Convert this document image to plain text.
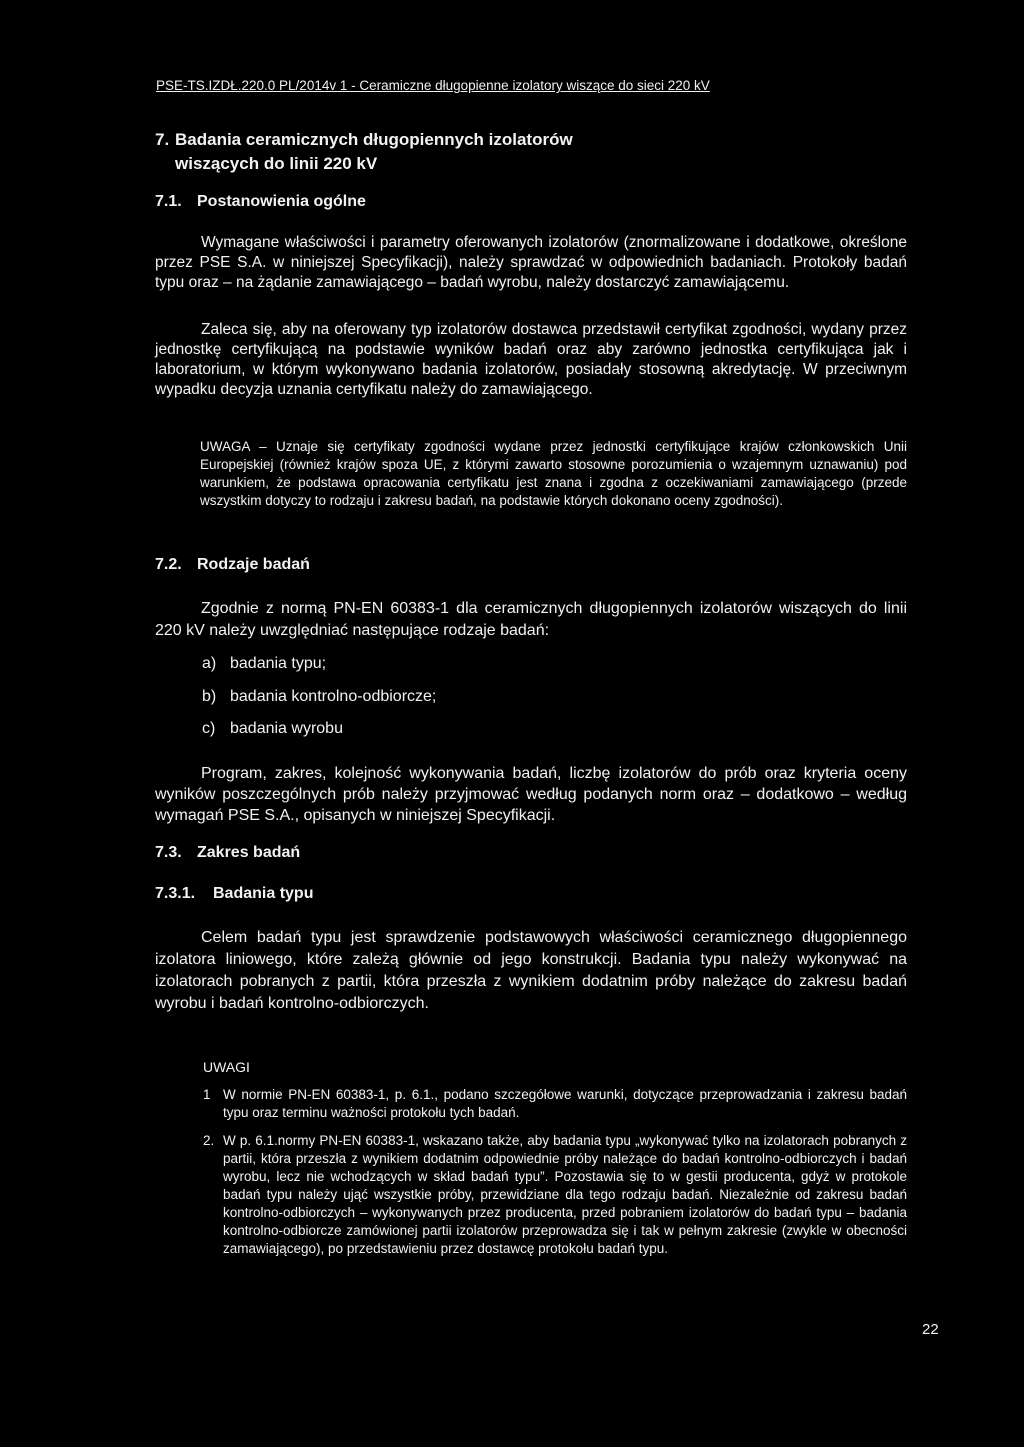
PSE-TS.IZDŁ.220.0 PL/2014v 1 - Ceramiczne długopienne izolatory wiszące do sieci 220 kV
7. Badania ceramicznych długopiennych izolatorów
wiszących do linii 220 kV
7.1. Postanowienia ogólne
Wymagane właściwości i parametry oferowanych izolatorów (znormalizowane i dodatkowe, określone przez PSE S.A. w niniejszej Specyfikacji), należy sprawdzać w odpowiednich badaniach. Protokoły badań typu oraz – na żądanie zamawiającego – badań wyrobu, należy dostarczyć zamawiającemu.
Zaleca się, aby na oferowany typ izolatorów dostawca przedstawił certyfikat zgodności, wydany przez jednostkę certyfikującą na podstawie wyników badań oraz aby zarówno jednostka certyfikująca jak i laboratorium, w którym wykonywano badania izolatorów, posiadały stosowną akredytację. W przeciwnym wypadku decyzja uznania certyfikatu należy do zamawiającego.
UWAGA – Uznaje się certyfikaty zgodności wydane przez jednostki certyfikujące krajów członkowskich Unii Europejskiej (również krajów spoza UE, z którymi zawarto stosowne porozumienia o wzajemnym uznawaniu) pod warunkiem, że podstawa opracowania certyfikatu jest znana i zgodna z oczekiwaniami zamawiającego (przede wszystkim dotyczy to rodzaju i zakresu badań, na podstawie których dokonano oceny zgodności).
7.2. Rodzaje badań
Zgodnie z normą PN-EN 60383-1 dla ceramicznych długopiennych izolatorów wiszących do linii 220 kV należy uwzględniać następujące rodzaje badań:
a) badania typu;
b) badania kontrolno-odbiorcze;
c) badania wyrobu
Program, zakres, kolejność wykonywania badań, liczbę izolatorów do prób oraz kryteria oceny wyników poszczególnych prób należy przyjmować według podanych norm oraz – dodatkowo – według wymagań PSE S.A., opisanych w niniejszej Specyfikacji.
7.3. Zakres badań
7.3.1. Badania typu
Celem badań typu jest sprawdzenie podstawowych właściwości ceramicznego długopiennego izolatora liniowego, które zależą głównie od jego konstrukcji. Badania typu należy wykonywać na izolatorach pobranych z partii, która przeszła z wynikiem dodatnim próby należące do zakresu badań wyrobu i badań kontrolno-odbiorczych.
UWAGI
1 W normie PN-EN 60383-1, p. 6.1., podano szczegółowe warunki, dotyczące przeprowadzania i zakresu badań typu oraz terminu ważności protokołu tych badań.
2. W p. 6.1.normy PN-EN 60383-1, wskazano także, aby badania typu „wykonywać tylko na izolatorach pobranych z partii, która przeszła z wynikiem dodatnim odpowiednie próby należące do badań kontrolno-odbiorczych i badań wyrobu, lecz nie wchodzących w skład badań typu”. Pozostawia się to w gestii producenta, gdyż w protokole badań typu należy ująć wszystkie próby, przewidziane dla tego rodzaju badań. Niezależnie od zakresu badań kontrolno-odbiorczych – wykonywanych przez producenta, przed pobraniem izolatorów do badań typu – badania kontrolno-odbiorcze zamówionej partii izolatorów przeprowadza się i tak w pełnym zakresie (zwykle w obecności zamawiającego), po przedstawieniu przez dostawcę protokołu badań typu.
22
